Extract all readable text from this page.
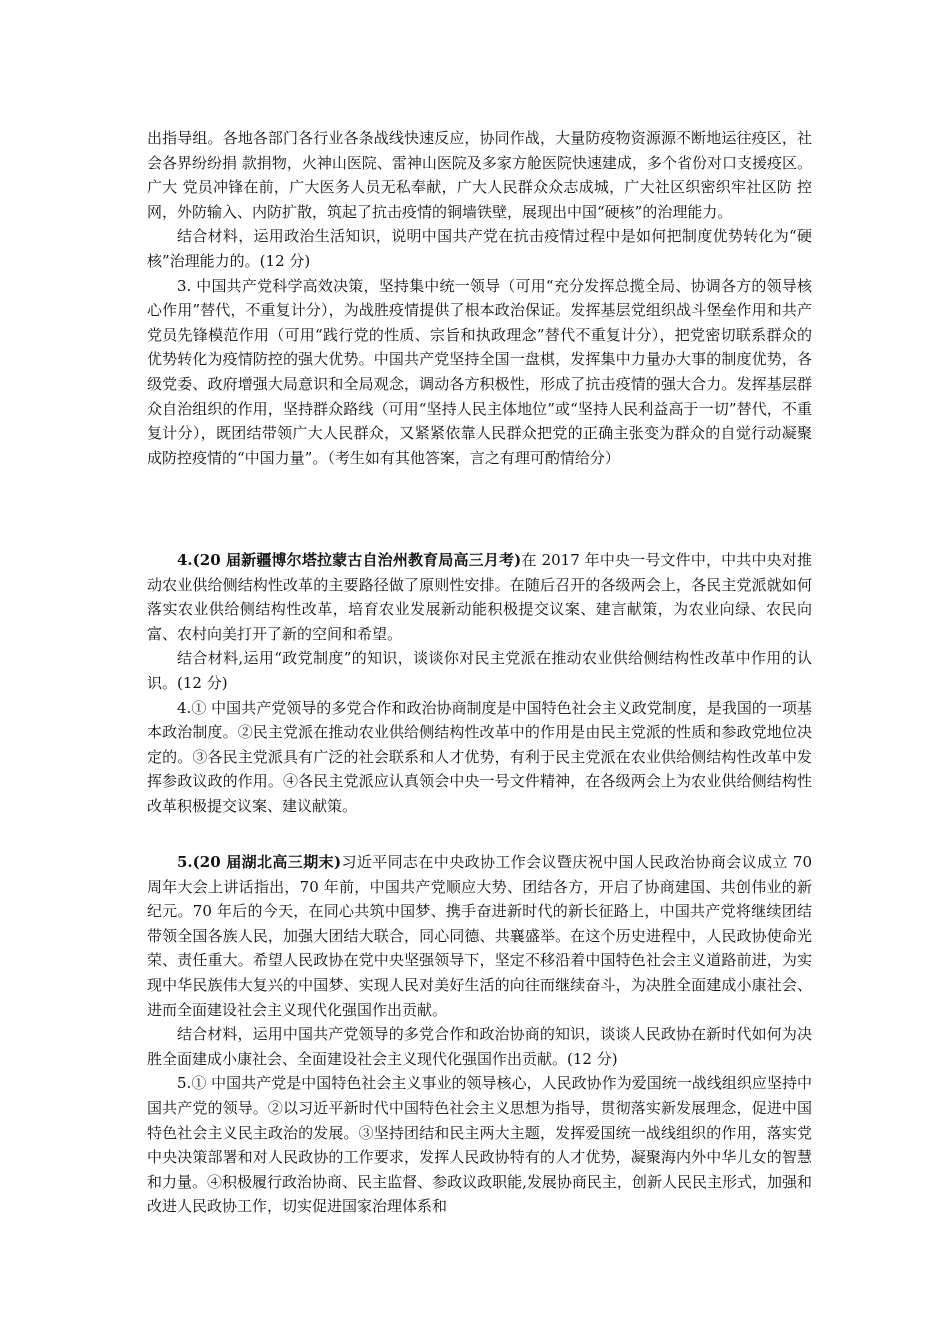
出指导组。各地各部门各行业各条战线快速反应，协同作战，大量防疫物资源源不断地运往疫区，社会各界纷纷捐 款捐物，火神山医院、雷神山医院及多家方舱医院快速建成，多个省份对口支援疫区。广大 党员冲锋在前，广大医务人员无私奉献，广大人民群众众志成城，广大社区织密织牢社区防 控网，外防输入、内防扩散，筑起了抗击疫情的铜墙铁壁，展现出中国“硬核”的治理能力。

结合材料，运用政治生活知识，说明中国共产党在抗击疫情过程中是如何把制度优势转化为“硬核”治理能力的。(12 分)

3. 中国共产党科学高效决策，坚持集中统一领导（可用“充分发挥总揽全局、协调各方的领导核心作用”替代，不重复计分），为战胜疫情提供了根本政治保证。发挥基层党组织战斗堡垒作用和共产党员先锋模范作用（可用“践行党的性质、宗旨和执政理念”替代不重复计分），把党密切联系群众的优势转化为疫情防控的强大优势。中国共产党坚持全国一盘棋，发挥集中力量办大事的制度优势，各级党委、政府增强大局意识和全局观念，调动各方积极性，形成了抗击疫情的强大合力。发挥基层群众自治组织的作用，坚持群众路线（可用“坚持人民主体地位”或“坚持人民利益高于一切”替代，不重复计分），既团结带领广大人民群众，又紧紧依靠人民群众把党的正确主张变为群众的自觉行动凝聚成防控疫情的“中国力量”。（考生如有其他答案，言之有理可酌情给分）

4.(20 届新疆博尔塔拉蒙古自治州教育局高三月考)在 2017 年中央一号文件中，中共中央对推动农业供给侧结构性改革的主要路径做了原则性安排。在随后召开的各级两会上，各民主党派就如何落实农业供给侧结构性改革，培育农业发展新动能积极提交议案、建言献策，为农业向绿、农民向富、农村向美打开了新的空间和希望。

结合材料,运用“政党制度”的知识，谈谈你对民主党派在推动农业供给侧结构性改革中作用的认识。(12 分)

4.① 中国共产党领导的多党合作和政治协商制度是中国特色社会主义政党制度，是我国的一项基本政治制度。②民主党派在推动农业供给侧结构性改革中的作用是由民主党派的性质和参政党地位决定的。③各民主党派具有广泛的社会联系和人才优势，有利于民主党派在农业供给侧结构性改革中发挥参政议政的作用。④各民主党派应认真领会中央一号文件精神，在各级两会上为农业供给侧结构性改革积极提交议案、建议献策。

5.(20 届湖北高三期末)习近平同志在中央政协工作会议暨庆祝中国人民政治协商会议成立 70 周年大会上讲话指出，70 年前，中国共产党顺应大势、团结各方，开启了协商建国、共创伟业的新纪元。70 年后的今天，在同心共筑中国梦、携手奋进新时代的新长征路上，中国共产党将继续团结带领全国各族人民，加强大团结大联合，同心同德、共襄盛举。在这个历史进程中，人民政协使命光荣、责任重大。希望人民政协在党中央坚强领导下，坚定不移沿着中国特色社会主义道路前进，为实现中华民族伟大复兴的中国梦、实现人民对美好生活的向往而继续奋斗，为决胜全面建成小康社会、进而全面建设社会主义现代化强国作出贡献。

结合材料，运用中国共产党领导的多党合作和政治协商的知识，谈谈人民政协在新时代如何为决胜全面建成小康社会、全面建设社会主义现代化强国作出贡献。(12 分)

5.① 中国共产党是中国特色社会主义事业的领导核心，人民政协作为爱国统一战线组织应坚持中国共产党的领导。②以习近平新时代中国特色社会主义思想为指导，贯彻落实新发展理念，促进中国特色社会主义民主政治的发展。③坚持团结和民主两大主题，发挥爱国统一战线组织的作用，落实党中央决策部署和对人民政协的工作要求，发挥人民政协特有的人才优势，凝聚海内外中华儿女的智慧和力量。④积极履行政治协商、民主监督、参政议政职能,发展协商民主，创新人民民主形式，加强和改进人民政协工作，切实促进国家治理体系和
